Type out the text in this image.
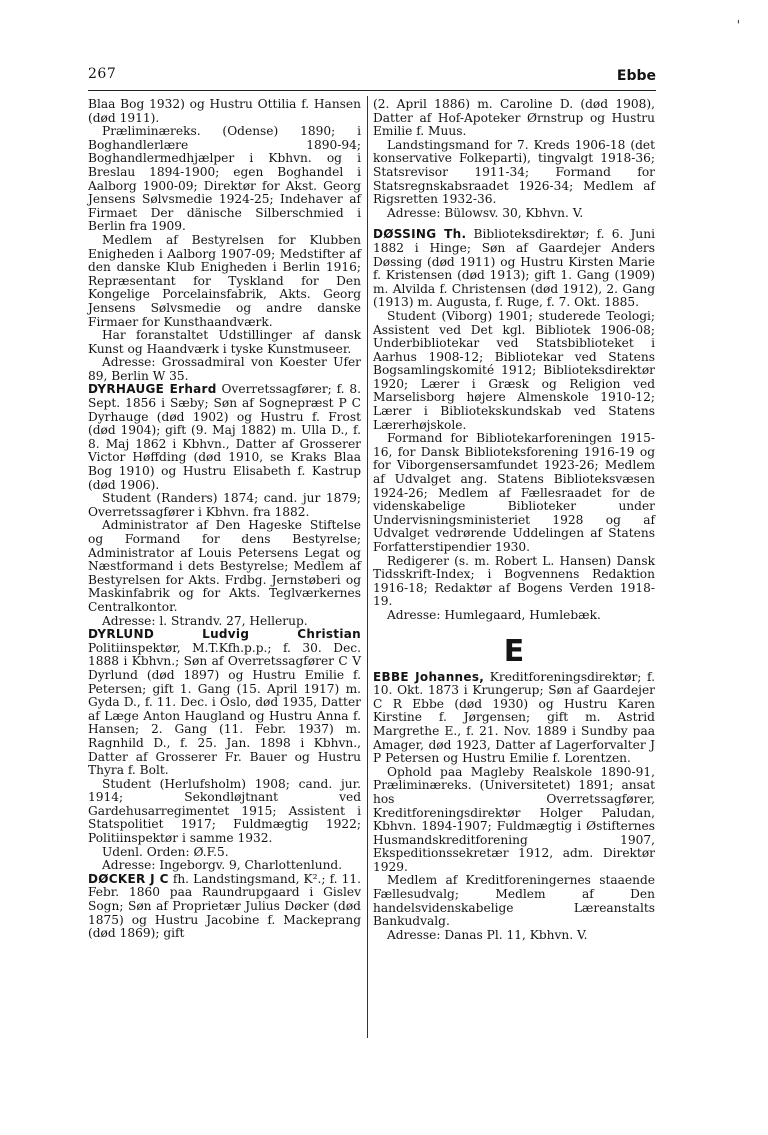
'
267	Ebbe

Blaa Bog 1932) og Hustru Ottilia f. Hansen (død 1911).

Præliminæreks. (Odense) 1890; i Boghandlerlære 1890-94; Boghandlermedhjælper i Kbhvn. og i Breslau 1894-1900; egen Boghandel i Aalborg 1900-09; Direktør for Akst. Georg Jensens Sølvsmedie 1924-25; Indehaver af Firmaet Der dänische Silberschmied i Berlin fra 1909.

Medlem af Bestyrelsen for Klubben Enigheden i Aalborg 1907-09; Medstifter af den danske Klub Enigheden i Berlin 1916; Repræsentant for Tyskland for Den Kongelige Porcelainsfabrik, Akts. Georg Jensens Sølvsmedie og andre danske Firmaer for Kunsthaandværk.

Har foranstaltet Udstillinger af dansk Kunst og Haandværk i tyske Kunstmuseer.

Adresse: Grossadmiral von Koester Ufer 89, Berlin W 35.

DYRHAUGE Erhard Overretssagfører; f. 8. Sept. 1856 i Sæby; Søn af Sognepræst P C Dyrhauge (død 1902) og Hustru f. Frost (død 1904); gift (9. Maj 1882) m. Ulla D., f. 8. Maj 1862 i Kbhvn., Datter af Grosserer Victor Høffding (død 1910, se Kraks Blaa Bog 1910) og Hustru Elisabeth f. Kastrup (død 1906).

Student (Randers) 1874; cand. jur 1879; Overretssagfører i Kbhvn. fra 1882.

Administrator af Den Hageske Stiftelse og Formand for dens Bestyrelse; Administrator af Louis Petersens Legat og Næstformand i dets Bestyrelse; Medlem af Bestyrelsen for Akts. Frdbg. Jernstøberi og Maskinfabrik og for Akts. Teglværkernes Centralkontor.

Adresse: l. Strandv. 27, Hellerup.

DYRLUND Ludvig Christian Politiinspektør, M.T.Kfh.p.p.; f. 30. Dec. 1888 i Kbhvn.; Søn af Overretssagfører C V Dyrlund (død 1897) og Hustru Emilie f. Petersen; gift 1. Gang (15. April 1917) m. Gyda D., f. 11. Dec. i Oslo, død 1935, Datter af Læge Anton Haugland og Hustru Anna f. Hansen; 2. Gang (11. Febr. 1937) m. Ragnhild D., f. 25. Jan. 1898 i Kbhvn., Datter af Grosserer Fr. Bauer og Hustru Thyra f. Bolt.

Student (Herlufsholm) 1908; cand. jur. 1914; Sekondløjtnant ved Gardehusarregimentet 1915; Assistent i Statspolitiet 1917; Fuldmægtig 1922; Politiinspektør i samme 1932.

Udenl. Orden: Ø.F.5.

Adresse: Ingeborgv. 9, Charlottenlund.

DØCKER J C fh. Landstingsmand, K².; f. 11. Febr. 1860 paa Raundrupgaard i Gislev Sogn; Søn af Proprietær Julius Døcker (død 1875) og Hustru Jacobine f. Mackeprang (død 1869); gift

(2. April 1886) m. Caroline D. (død 1908), Datter af Hof-Apoteker Ørnstrup og Hustru Emilie f. Muus.

Landstingsmand for 7. Kreds 1906-18 (det konservative Folkeparti), tingvalgt 1918-36; Statsrevisor 1911-34; Formand for Statsregnskabsraadet 1926-34; Medlem af Rigsretten 1932-36.

Adresse: Bülowsv. 30, Kbhvn. V.

DØSSING Th. Biblioteksdirektør; f. 6. Juni 1882 i Hinge; Søn af Gaardejer Anders Døssing (død 1911) og Hustru Kirsten Marie f. Kristensen (død 1913); gift 1. Gang (1909) m. Alvilda f. Christensen (død 1912), 2. Gang (1913) m. Augusta, f. Ruge, f. 7. Okt. 1885.

Student (Viborg) 1901; studerede Teologi; Assistent ved Det kgl. Bibliotek 1906-08; Underbibliotekar ved Statsbiblioteket i Aarhus 1908-12; Bibliotekar ved Statens Bogsamlingskomité 1912; Biblioteksdirektør 1920; Lærer i Græsk og Religion ved Marselisborg højere Almenskole 1910-12; Lærer i Bibliotekskundskab ved Statens Lærerhøjskole.

Formand for Bibliotekarforeningen 1915-16, for Dansk Biblioteksforening 1916-19 og for Viborgensersamfundet 1923-26; Medlem af Udvalget ang. Statens Biblioteksvæsen 1924-26; Medlem af Fællesraadet for de videnskabelige Biblioteker under Undervisningsministeriet 1928 og af Udvalget vedrørende Uddelingen af Statens Forfatterstipendier 1930.

Redigerer (s. m. Robert L. Hansen) Dansk Tidsskrift-Index; i Bogvennens Redaktion 1916-18; Redaktør af Bogens Verden 1918-19.

Adresse: Humlegaard, Humlebæk.

E

EBBE Johannes, Kreditforeningsdirektør; f. 10. Okt. 1873 i Krungerup; Søn af Gaardejer C R Ebbe (død 1930) og Hustru Karen Kirstine f. Jørgensen; gift m. Astrid Margrethe E., f. 21. Nov. 1889 i Sundby paa Amager, død 1923, Datter af Lagerforvalter J P Petersen og Hustru Emilie f. Lorentzen.

Ophold paa Magleby Realskole 1890-91, Præliminæreks. (Universitetet) 1891; ansat hos Overretssagfører, Kreditforeningsdirektør Holger Paludan, Kbhvn. 1894-1907; Fuldmægtig i Østifternes Husmandskreditforening 1907, Ekspeditionssekretær 1912, adm. Direktør 1929.

Medlem af Kreditforeningernes staaende Fællesudvalg; Medlem af Den handelsvidenskabelige Læreanstalts Bankudvalg.

Adresse: Danas Pl. 11, Kbhvn. V.
